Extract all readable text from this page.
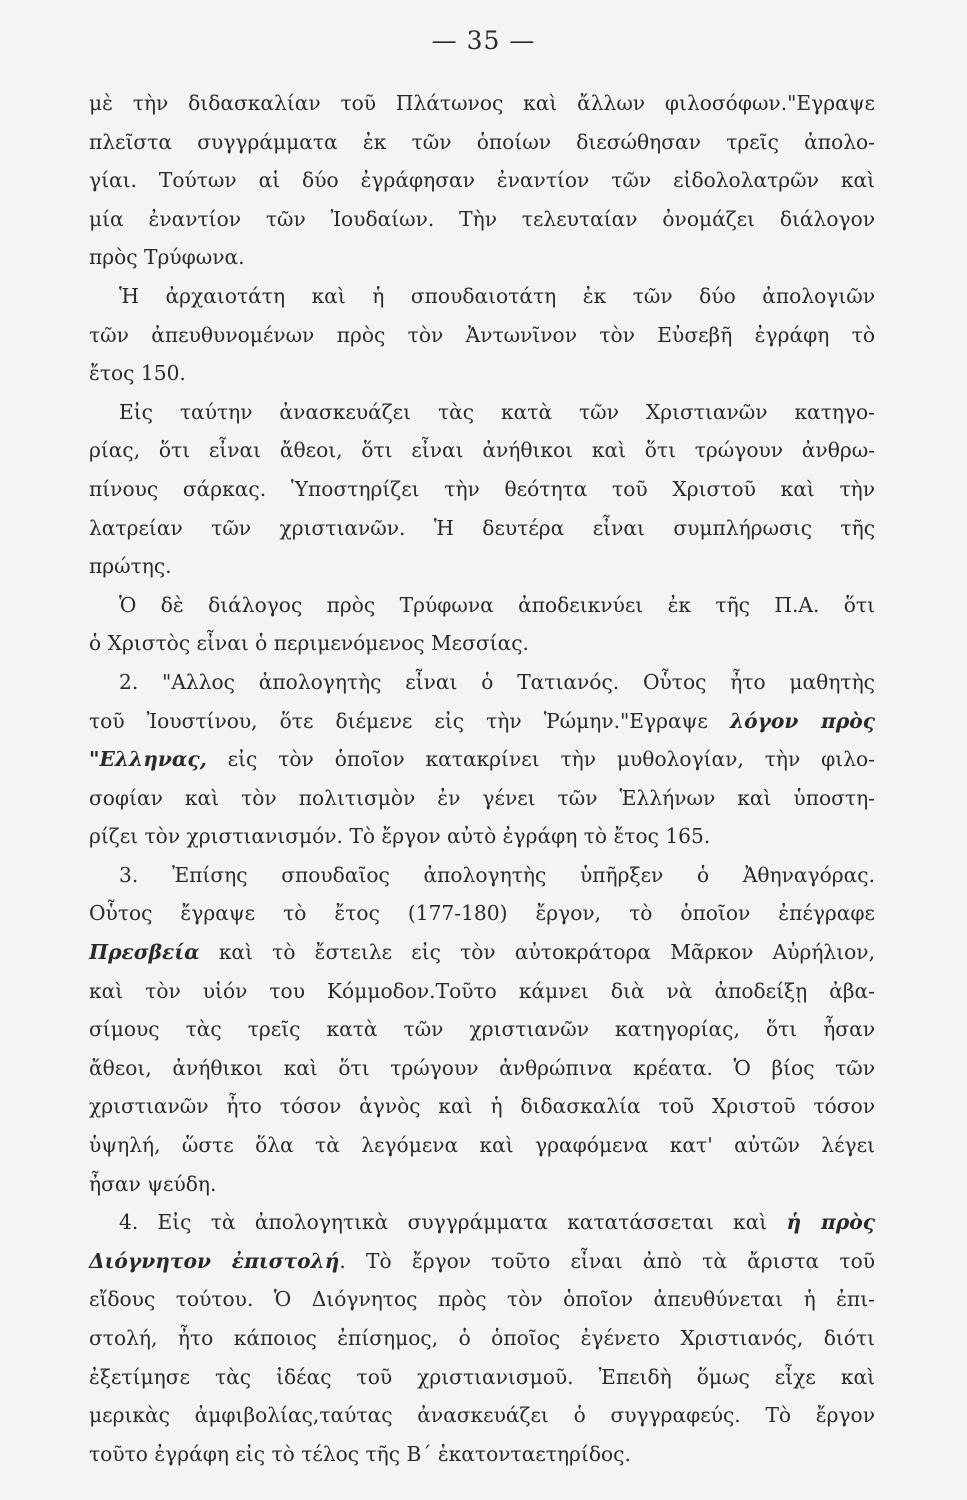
— 35 —
μὲ τὴν διδασκαλίαν τοῦ Πλάτωνος καὶ ἄλλων φιλοσόφων."Εγραψε
πλεῖστα συγγράμματα ἐκ τῶν ὁποίων διεσώθησαν τρεῖς ἀπολο-
γίαι. Τούτων αἱ δύο ἐγράφησαν ἐναντίον τῶν εἰδολολατρῶν καὶ
μία ἐναντίον τῶν Ἰουδαίων. Τὴν τελευταίαν ὀνομάζει διάλογον
πρὸς Τρύφωνα.
Ἡ ἀρχαιοτάτη καὶ ἡ σπουδαιοτάτη ἐκ τῶν δύο ἀπολογιῶν
τῶν ἀπευθυνομένων πρὸς τὸν Ἀντωνῖνον τὸν Εὐσεβῆ ἐγράφη τὸ
ἔτος 150.
Εἰς ταύτην ἀνασκευάζει τὰς κατὰ τῶν Χριστιανῶν κατηγο-
ρίας, ὅτι εἶναι ἄθεοι, ὅτι εἶναι ἀνήθικοι καὶ ὅτι τρώγουν ἀνθρω-
πίνους σάρκας. Ὑποστηρίζει τὴν θεότητα τοῦ Χριστοῦ καὶ τὴν
λατρείαν τῶν χριστιανῶν. Ἡ δευτέρα εἶναι συμπλήρωσις τῆς
πρώτης.
Ὁ δὲ διάλογος πρὸς Τρύφωνα ἀποδεικνύει ἐκ τῆς Π.Α. ὅτι
ὁ Χριστὸς εἶναι ὁ περιμενόμενος Μεσσίας.
2. "Αλλος ἀπολογητὴς εἶναι ὁ Τατιανός. Οὗτος ἦτο μαθητὴς
τοῦ Ἰουστίνου, ὅτε διέμενε εἰς τὴν Ῥώμην."Εγραψε λόγον πρὸς
"Ελληνας, εἰς τὸν ὁποῖον κατακρίνει τὴν μυθολογίαν, τὴν φιλο-
σοφίαν καὶ τὸν πολιτισμὸν ἐν γένει τῶν Ἑλλήνων καὶ ὑποστη-
ρίζει τὸν χριστιανισμόν. Τὸ ἔργον αὐτὸ ἐγράφη τὸ ἔτος 165.
3. Ἐπίσης σπουδαῖος ἀπολογητὴς ὑπῆρξεν ὁ Ἀθηναγόρας.
Οὗτος ἔγραψε τὸ ἔτος (177-180) ἔργον, τὸ ὁποῖον ἐπέγραφε
Πρεσβεία καὶ τὸ ἔστειλε εἰς τὸν αὐτοκράτορα Μᾶρκον Αὐρήλιον,
καὶ τὸν υἱόν του Κόμμοδον.Τοῦτο κάμνει διὰ νὰ ἀποδείξῃ ἀβα-
σίμους τὰς τρεῖς κατὰ τῶν χριστιανῶν κατηγορίας, ὅτι ἦσαν
ἄθεοι, ἀνήθικοι καὶ ὅτι τρώγουν ἀνθρώπινα κρέατα. Ὁ βίος τῶν
χριστιανῶν ἦτο τόσον ἁγνὸς καὶ ἡ διδασκαλία τοῦ Χριστοῦ τόσον
ὑψηλή, ὥστε ὅλα τὰ λεγόμενα καὶ γραφόμενα κατ' αὐτῶν λέγει
ἦσαν ψεύδη.
4. Εἰς τὰ ἀπολογητικὰ συγγράμματα κατατάσσεται καὶ ἡ πρὸς
Διόγνητον ἐπιστολή. Τὸ ἔργον τοῦτο εἶναι ἀπὸ τὰ ἄριστα τοῦ
εἴδους τούτου. Ὁ Διόγνητος πρὸς τὸν ὁποῖον ἀπευθύνεται ἡ ἐπι-
στολή, ἦτο κάποιος ἐπίσημος, ὁ ὁποῖος ἐγένετο Χριστιανός, διότι
ἐξετίμησε τὰς ἰδέας τοῦ χριστιανισμοῦ. Ἐπειδὴ ὅμως εἶχε καὶ
μερικὰς ἀμφιβολίας,ταύτας ἀνασκευάζει ὁ συγγραφεύς. Τὸ ἔργον
τοῦτο ἐγράφη εἰς τὸ τέλος τῆς Β΄ ἑκατονταετηρίδος.
